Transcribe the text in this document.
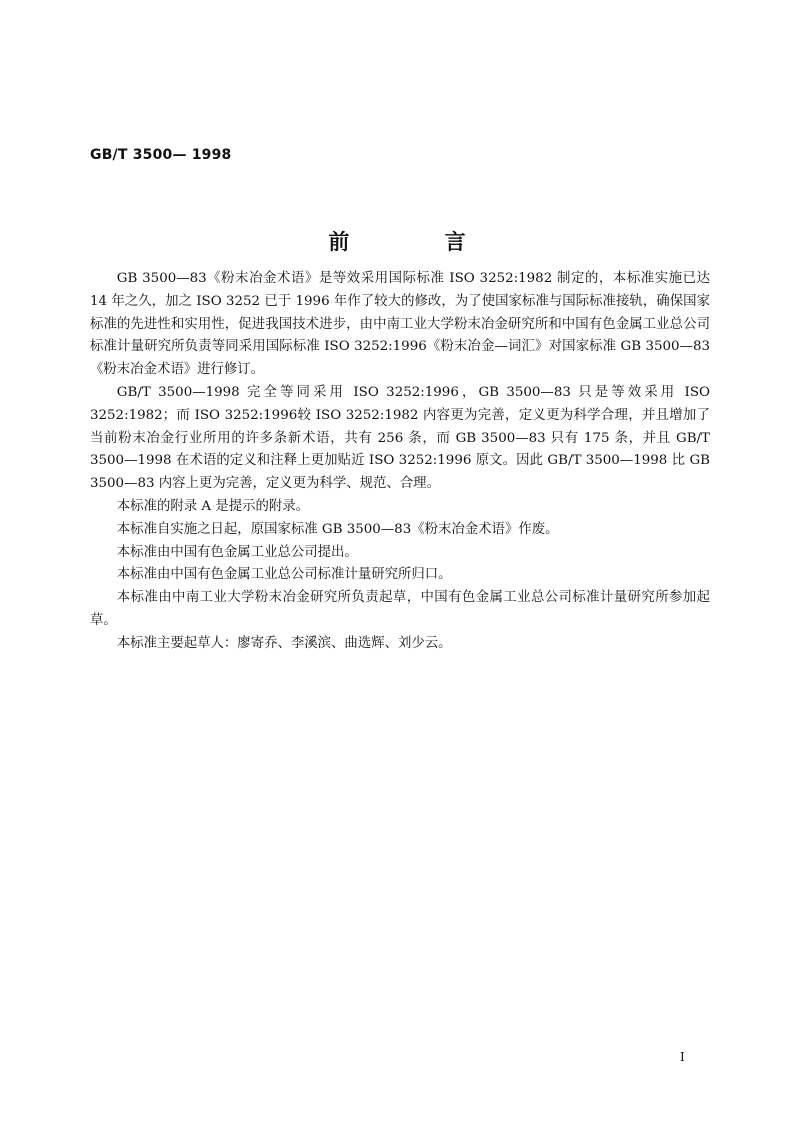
GB/T 3500— 1998
前 言

GB 3500—83《粉末冶金术语》是等效采用国际标准 ISO 3252:1982 制定的，本标准实施已达 14 年之久，加之 ISO 3252 已于 1996 年作了较大的修改，为了使国家标准与国际标准接轨，确保国家标准的先进性和实用性，促进我国技术进步，由中南工业大学粉末冶金研究所和中国有色金属工业总公司标准计量研究所负责等同采用国际标准 ISO 3252:1996《粉末冶金—词汇》对国家标准 GB 3500—83《粉末冶金术语》进行修订。

GB/T 3500—1998 完全等同采用 ISO 3252:1996，GB 3500—83 只是等效采用 ISO 3252:1982；而 ISO 3252:1996较 ISO 3252:1982 内容更为完善，定义更为科学合理，并且增加了当前粉末冶金行业所用的许多条新术语，共有 256 条，而 GB 3500—83 只有 175 条，并且 GB/T 3500—1998 在术语的定义和注释上更加贴近 ISO 3252:1996 原文。因此 GB/T 3500—1998 比 GB 3500—83 内容上更为完善，定义更为科学、规范、合理。

本标准的附录 A 是提示的附录。

本标准自实施之日起，原国家标准 GB 3500—83《粉末冶金术语》作废。

本标准由中国有色金属工业总公司提出。

本标准由中国有色金属工业总公司标准计量研究所归口。

本标准由中南工业大学粉末冶金研究所负责起草，中国有色金属工业总公司标准计量研究所参加起草。

本标准主要起草人：廖寄乔、李溪滨、曲选辉、刘少云。

I
